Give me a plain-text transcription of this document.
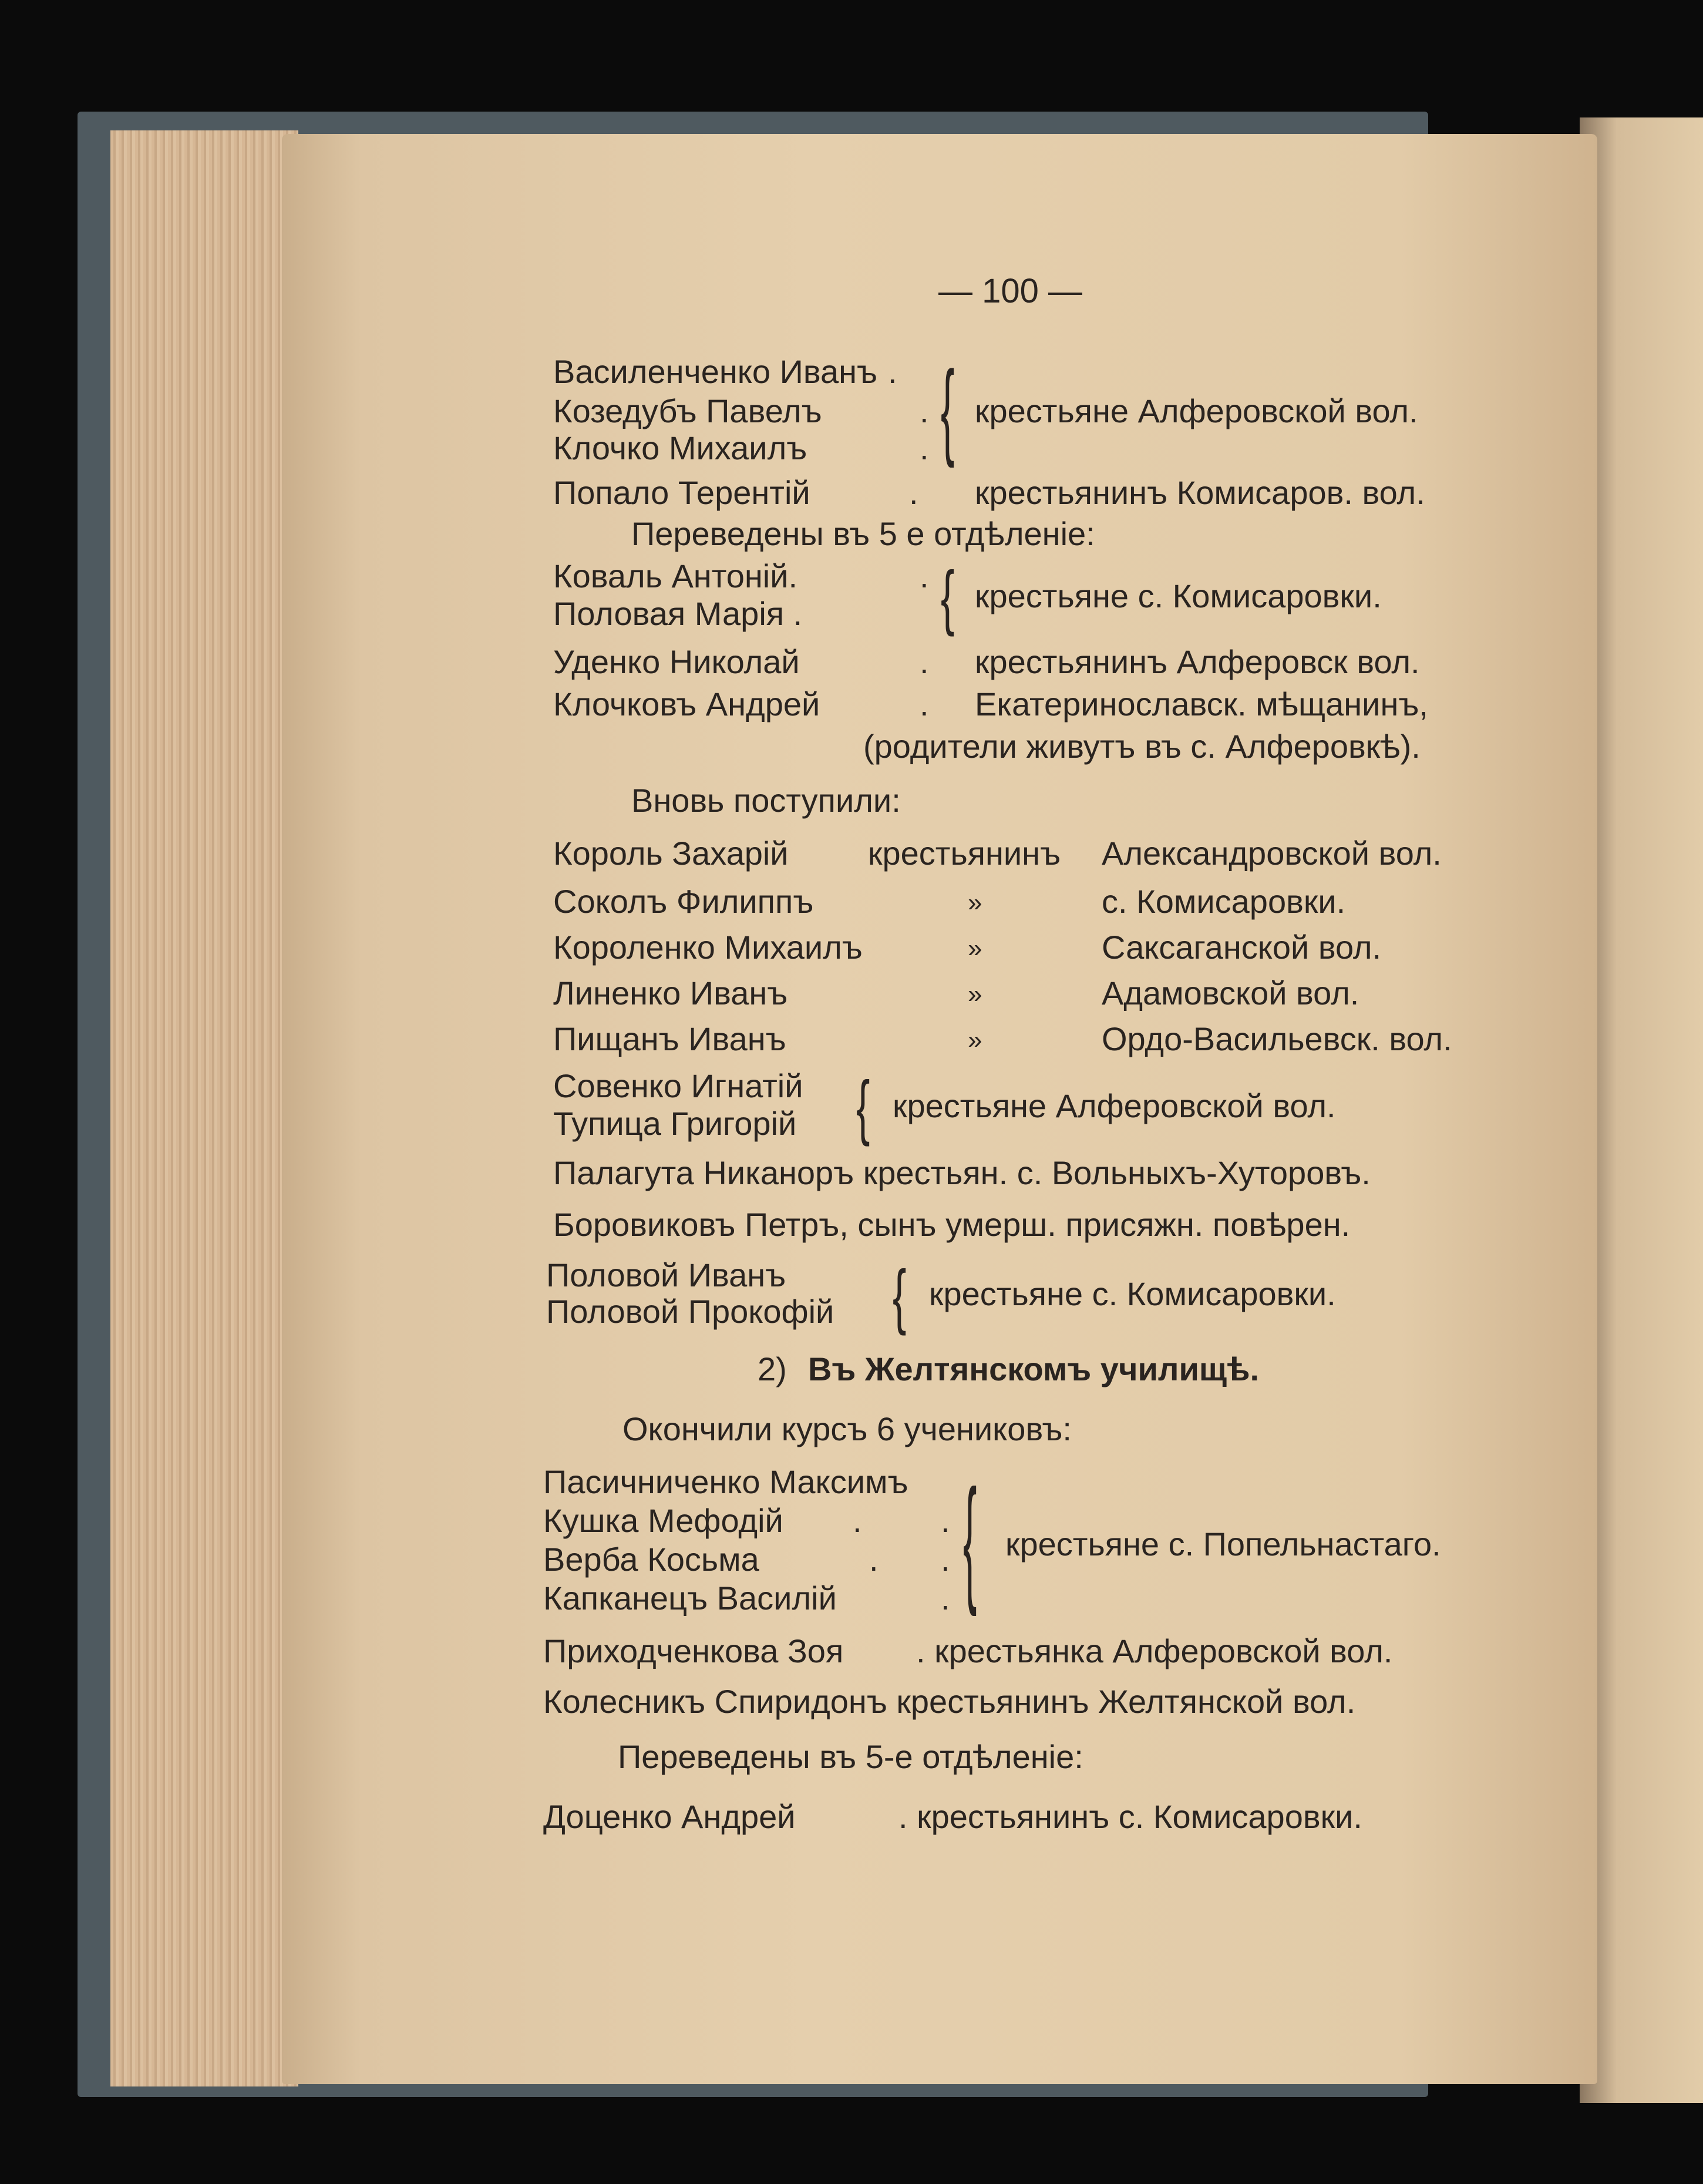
— 100 —
Василенченко Иванъ
Козедубъ Павелъ
Клочко Михаилъ
.
.
. { крестьяне Алферовской вол.
Попало Терентій	. крестьянинъ Комисаров. вол.
Переведены въ 5 е отдѣленіе:
Коваль Антоній.
Половая Марія .
. { крестьяне с. Комисаровки.
Уденко Николай	. крестьянинъ Алферовск вол.
Клочковъ Андрей	. Екатеринославск. мѣщанинъ,
(родители живутъ въ с. Алферовкѣ).
Вновь поступили:
Король Захарій крестьянинъ Александровской вол.
Соколъ Филиппъ	»	с. Комисаровки.
Короленко Михаилъ	»	Саксаганской вол.
Линенко Иванъ	»	Адамовской вол.
Пищанъ Иванъ	»	Ордо-Васильевск. вол.
Совенко Игнатій
Тупица Григорій { крестьяне Алферовской вол.
Палагута Никаноръ крестьян. с. Вольныхъ-Хуторовъ.
Боровиковъ Петръ, сынъ умерш. присяжн. повѣрен.
Половой Иванъ
Половой Прокофій { крестьяне с. Комисаровки.
2) Въ Желтянскомъ училищѣ.
Окончили курсъ 6 учениковъ:
Пасичниченко Максимъ
Кушка Мефодій
Верба Косьма
Капканецъ Василій
. .
. .
. { крестьяне с. Попельнастаго.
Приходченкова Зоя . крестьянка Алферовской вол.
Колесникъ Спиридонъ крестьянинъ Желтянской вол.
Переведены въ 5-е отдѣленіе:
Доценко Андрей	. крестьянинъ с. Комисаровки.
